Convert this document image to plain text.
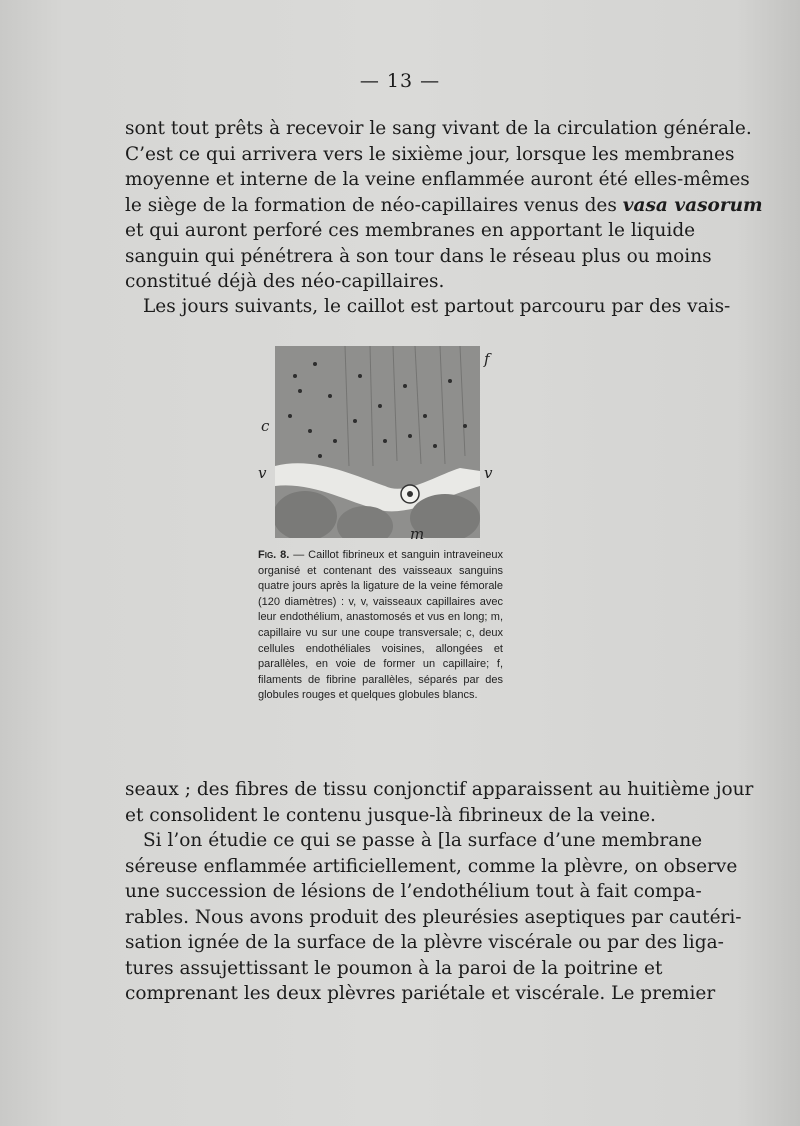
— 13 —

sont tout prêts à recevoir le sang vivant de la circulation générale.
C’est ce qui arrivera vers le sixième jour, lorsque les membranes
moyenne et interne de la veine enflammée auront été elles-mêmes
le siège de la formation de néo-capillaires venus des vasa vasorum
et qui auront perforé ces membranes en apportant le liquide
sanguin qui pénétrera à son tour dans le réseau plus ou moins
constitué déjà des néo-capillaires.

Les jours suivants, le caillot est partout parcouru par des vais-

f
c
v	v
m

Fig. 8. — Caillot fibrineux et sanguin intraveineux organisé et contenant des vaisseaux sanguins quatre jours après la ligature de la veine fémorale (120 diamètres) : v, v, vaisseaux capillaires avec leur endothélium, anastomosés et vus en long; m, capillaire vu sur une coupe transversale; c, deux cellules endothéliales voisines, allongées et parallèles, en voie de former un capillaire; f, filaments de fibrine parallèles, séparés par des globules rouges et quelques globules blancs.

seaux ; des fibres de tissu conjonctif apparaissent au huitième jour
et consolident le contenu jusque-là fibrineux de la veine.

Si l’on étudie ce qui se passe à [la surface d’une membrane
séreuse enflammée artificiellement, comme la plèvre, on observe
une succession de lésions de l’endothélium tout à fait compa-
rables. Nous avons produit des pleurésies aseptiques par cautéri-
sation ignée de la surface de la plèvre viscérale ou par des liga-
tures assujettissant le poumon à la paroi de la poitrine et
comprenant les deux plèvres pariétale et viscérale. Le premier
